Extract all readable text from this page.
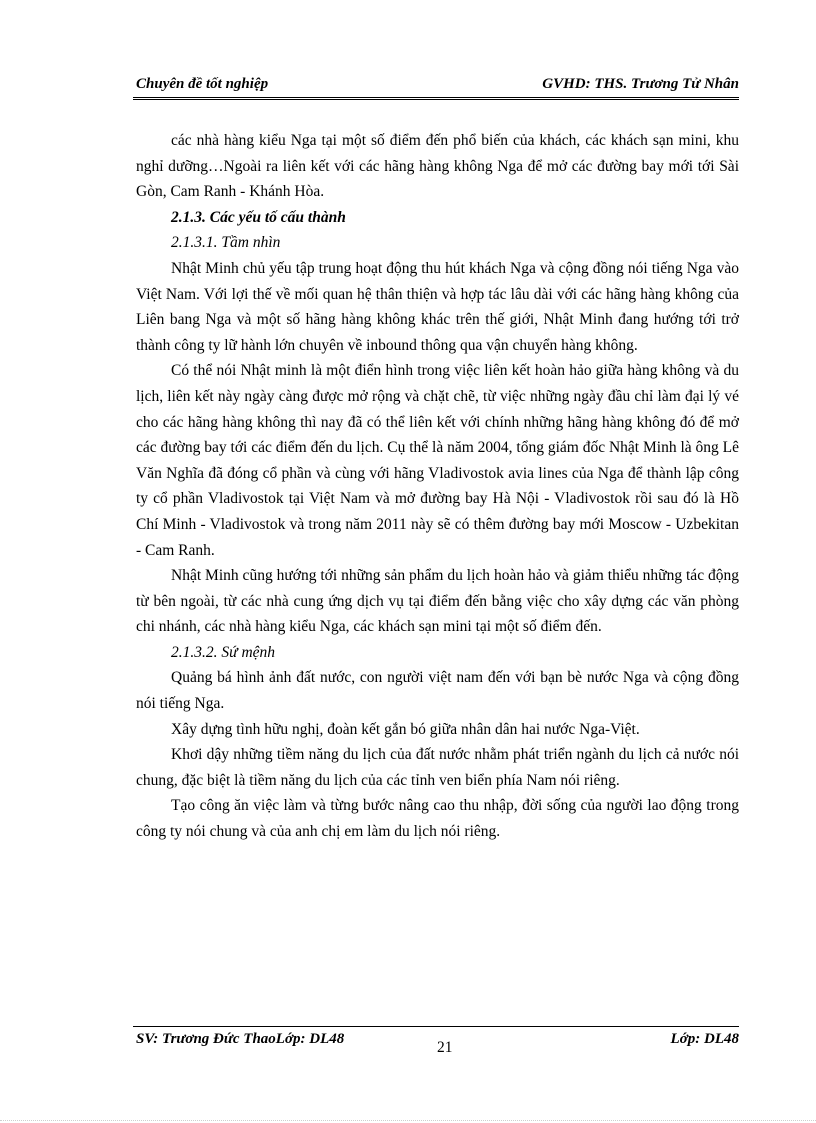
Chuyên đề tốt nghiệp	GVHD: THS. Trương Tử Nhân

các nhà hàng kiểu Nga tại một số điểm đến phổ biến của khách, các khách sạn mini, khu nghỉ dưỡng…Ngoài ra liên kết với các hãng hàng không Nga để mở các đường bay mới tới Sài Gòn, Cam Ranh - Khánh Hòa.

2.1.3. Các yếu tố cấu thành
2.1.3.1. Tầm nhìn

Nhật Minh chủ yếu tập trung hoạt động thu hút khách Nga và cộng đồng nói tiếng Nga vào Việt Nam. Với lợi thế về mối quan hệ thân thiện và hợp tác lâu dài với các hãng hàng không của Liên bang Nga và một số hãng hàng không khác trên thế giới, Nhật Minh đang hướng tới trở thành công ty lữ hành lớn chuyên về inbound thông qua vận chuyển hàng không.

Có thể nói Nhật minh là một điển hình trong việc liên kết hoàn hảo giữa hàng không và du lịch, liên kết này ngày càng được mở rộng và chặt chẽ, từ việc những ngày đầu chỉ làm đại lý vé cho các hãng hàng không thì nay đã có thể liên kết với chính những hãng hàng không đó để mở các đường bay tới các điểm đến du lịch. Cụ thể là năm 2004, tổng giám đốc Nhật Minh là ông Lê Văn Nghĩa đã đóng cổ phần và cùng với hãng Vladivostok avia lines của Nga để thành lập công ty cổ phần Vladivostok tại Việt Nam và mở đường bay Hà Nội - Vladivostok rồi sau đó là Hồ Chí Minh - Vladivostok và trong năm 2011 này sẽ có thêm đường bay mới Moscow - Uzbekitan - Cam Ranh.

Nhật Minh cũng hướng tới những sản phẩm du lịch hoàn hảo và giảm thiểu những tác động từ bên ngoài, từ các nhà cung ứng dịch vụ tại điểm đến bằng việc cho xây dựng các văn phòng chi nhánh, các nhà hàng kiểu Nga, các khách sạn mini tại một số điểm đến.

2.1.3.2. Sứ mệnh

Quảng bá hình ảnh đất nước, con người việt nam đến với bạn bè nước Nga và cộng đồng nói tiếng Nga.

Xây dựng tình hữu nghị, đoàn kết gắn bó giữa nhân dân hai nước Nga-Việt.

Khơi dậy những tiềm năng du lịch của đất nước nhằm phát triển ngành du lịch cả nước nói chung, đặc biệt là tiềm năng du lịch của các tỉnh ven biển phía Nam nói riêng.

Tạo công ăn việc làm và từng bước nâng cao thu nhập, đời sống của người lao động trong công ty nói chung và của anh chị em làm du lịch nói riêng.

SV: Trương Đức ThaoLớp: DL48	21	Lớp: DL48
